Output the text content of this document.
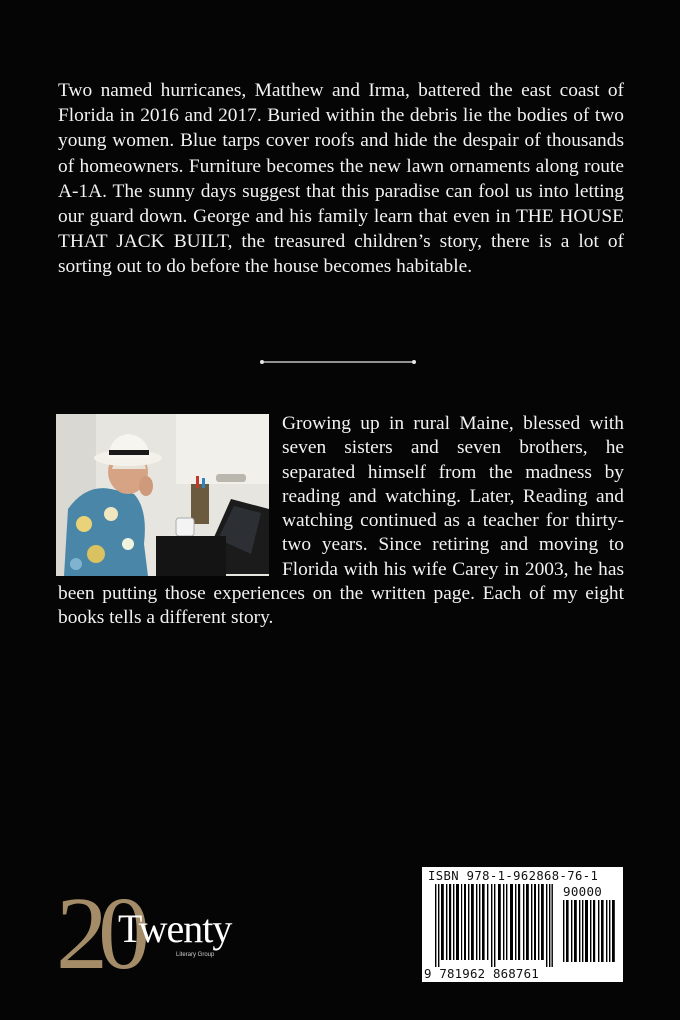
Two named hurricanes, Matthew and Irma, battered the east coast of Florida in 2016 and 2017. Buried within the debris lie the bodies of two young women. Blue tarps cover roofs and hide the despair of thousands of homeowners. Furniture becomes the new lawn ornaments along route A-1A. The sunny days suggest that this paradise can fool us into letting our guard down. George and his family learn that even in THE HOUSE THAT JACK BUILT, the treasured children’s story, there is a lot of sorting out to do before the house becomes habitable.

Growing up in rural Maine, blessed with seven sisters and seven brothers, he separated himself from the madness by reading and watching. Later, Reading and watching continued as a teacher for thirty-two years. Since retiring and moving to Florida with his wife Carey in 2003, he has been putting those experiences on the written page. Each of my eight books tells a different story.

20
Twenty
Literary Group
ISBN 978-1-962868-76-1
90000
9 781962 868761
